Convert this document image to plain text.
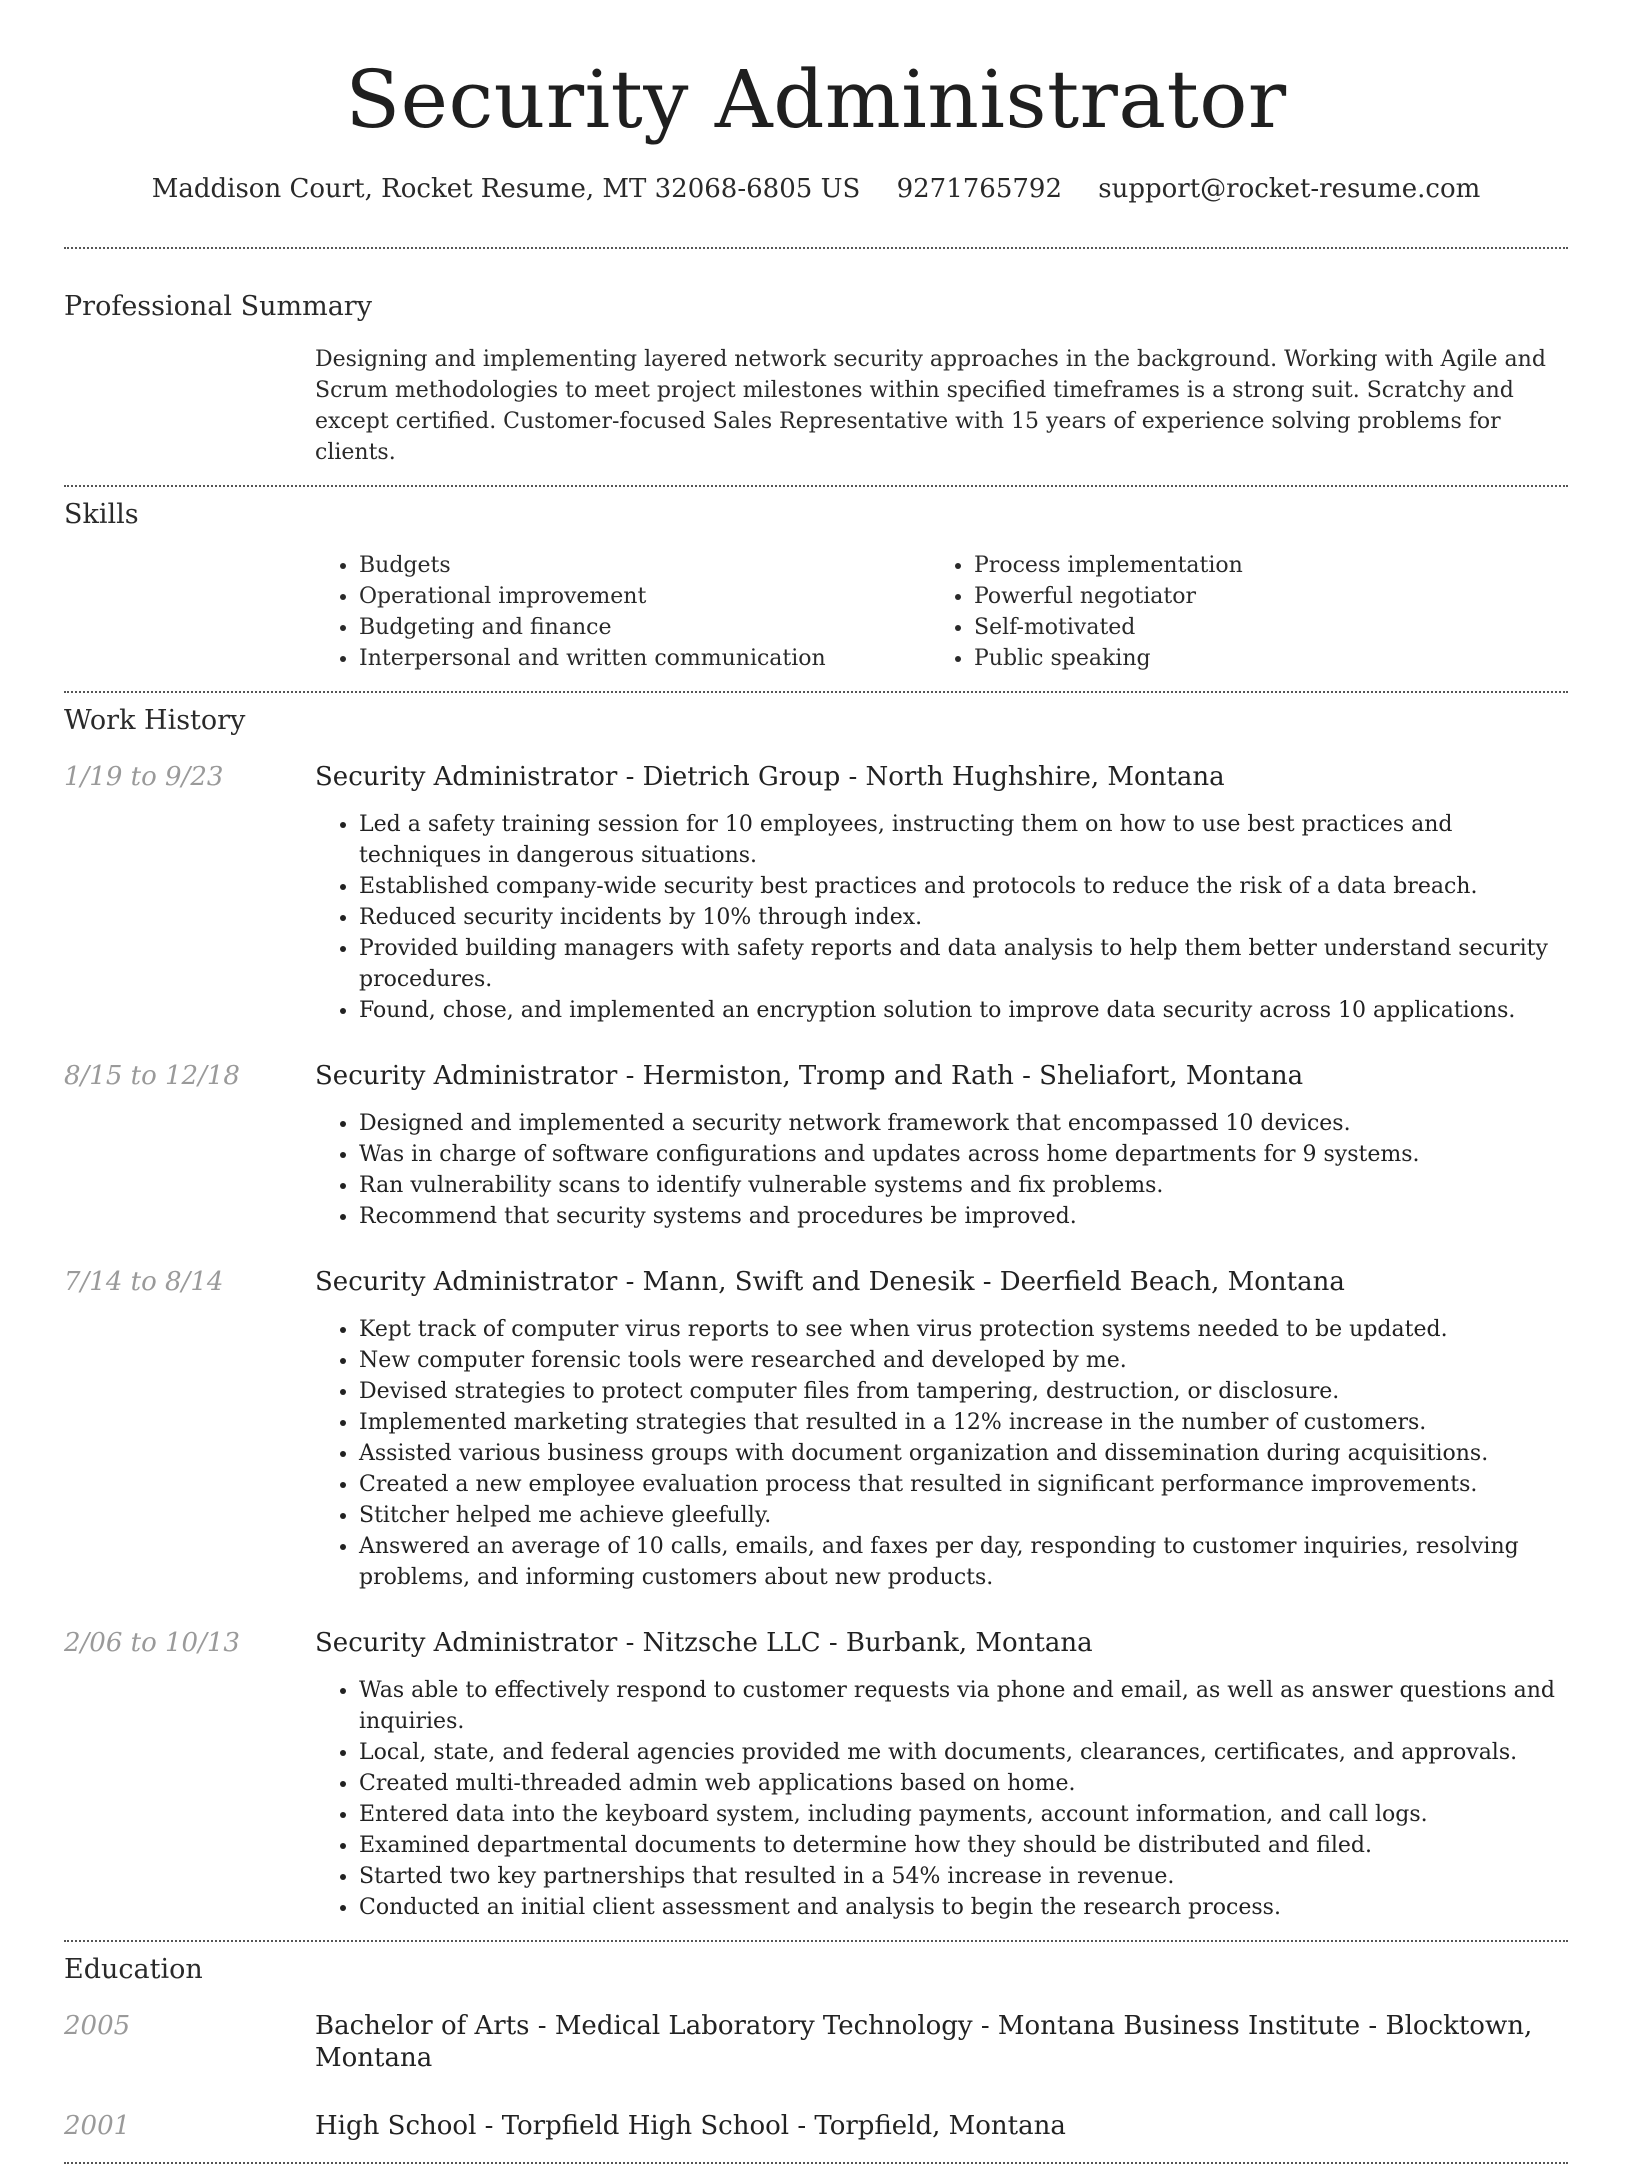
Security Administrator
Maddison Court, Rocket Resume, MT 32068-6805 US 9271765792 support@rocket-resume.com
Professional Summary

Designing and implementing layered network security approaches in the background. Working with Agile and Scrum methodologies to meet project milestones within specified timeframes is a strong suit. Scratchy and except certified. Customer-focused Sales Representative with 15 years of experience solving problems for clients.

Skills
• Budgets
• Operational improvement
• Budgeting and finance
• Interpersonal and written communication
• Process implementation
• Powerful negotiator
• Self-motivated
• Public speaking
Work History
1/19 to 9/23	Security Administrator - Dietrich Group - North Hughshire, Montana
• Led a safety training session for 10 employees, instructing them on how to use best practices and techniques in dangerous situations.
• Established company-wide security best practices and protocols to reduce the risk of a data breach.
• Reduced security incidents by 10% through index.
• Provided building managers with safety reports and data analysis to help them better understand security procedures.
• Found, chose, and implemented an encryption solution to improve data security across 10 applications.
8/15 to 12/18	Security Administrator - Hermiston, Tromp and Rath - Sheliafort, Montana
• Designed and implemented a security network framework that encompassed 10 devices.
• Was in charge of software configurations and updates across home departments for 9 systems.
• Ran vulnerability scans to identify vulnerable systems and fix problems.
• Recommend that security systems and procedures be improved.
7/14 to 8/14	Security Administrator - Mann, Swift and Denesik - Deerfield Beach, Montana
• Kept track of computer virus reports to see when virus protection systems needed to be updated.
• New computer forensic tools were researched and developed by me.
• Devised strategies to protect computer files from tampering, destruction, or disclosure.
• Implemented marketing strategies that resulted in a 12% increase in the number of customers.
• Assisted various business groups with document organization and dissemination during acquisitions.
• Created a new employee evaluation process that resulted in significant performance improvements.
• Stitcher helped me achieve gleefully.
• Answered an average of 10 calls, emails, and faxes per day, responding to customer inquiries, resolving problems, and informing customers about new products.
2/06 to 10/13	Security Administrator - Nitzsche LLC - Burbank, Montana
• Was able to effectively respond to customer requests via phone and email, as well as answer questions and inquiries.
• Local, state, and federal agencies provided me with documents, clearances, certificates, and approvals.
• Created multi-threaded admin web applications based on home.
• Entered data into the keyboard system, including payments, account information, and call logs.
• Examined departmental documents to determine how they should be distributed and filed.
• Started two key partnerships that resulted in a 54% increase in revenue.
• Conducted an initial client assessment and analysis to begin the research process.
Education
2005	Bachelor of Arts - Medical Laboratory Technology - Montana Business Institute - Blocktown, Montana
2001	High School - Torpfield High School - Torpfield, Montana
